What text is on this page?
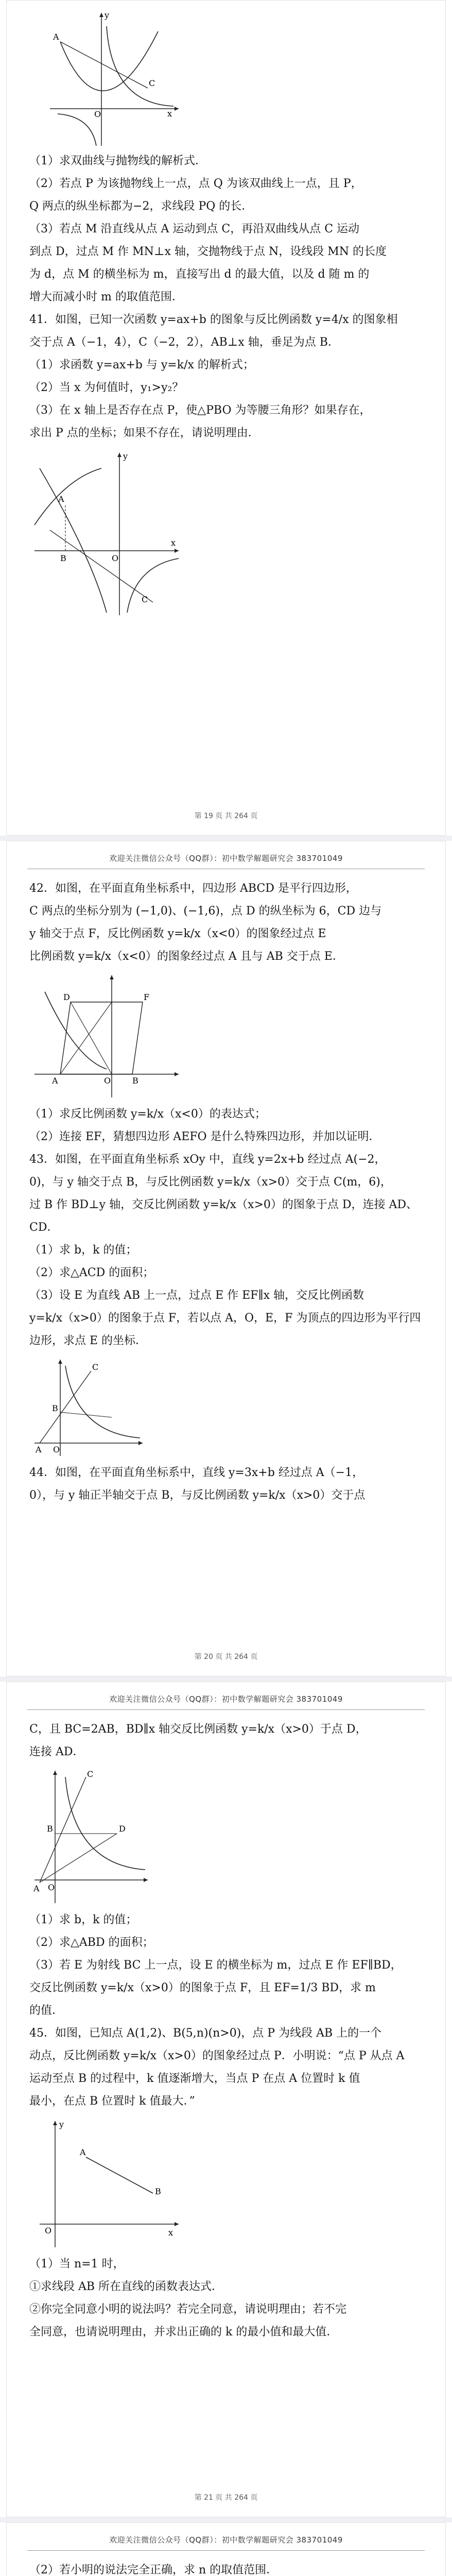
A
C
x
y
O

（1）求双曲线与抛物线的解析式．

（2）若点 P 为该抛物线上一点，点 Q 为该双曲线上一点，且 P，

Q 两点的纵坐标都为−2，求线段 PQ 的长．

（3）若点 M 沿直线从点 A 运动到点 C，再沿双曲线从点 C 运动

到点 D，过点 M 作 MN⊥x 轴，交抛物线于点 N，设线段 MN 的长度

为 d，点 M 的横坐标为 m，直接写出 d 的最大值，以及 d 随 m 的

增大而减小时 m 的取值范围．

41．如图，已知一次函数 y=ax+b 的图象与反比例函数 y=4/x 的图象相

交于点 A（−1，4），C（−2，2），AB⊥x 轴，垂足为点 B．

（1）求函数 y=ax+b 与 y=k/x 的解析式；

（2）当 x 为何值时，y₁>y₂？

（3）在 x 轴上是否存在点 P，使△PBO 为等腰三角形？如果存在，

求出 P 点的坐标；如果不存在，请说明理由．

A
B	O
x
y
C
第 19 页 共 264 页
欢迎关注微信公众号（QQ群）：初中数学解题研究会 383701049

42．如图，在平面直角坐标系中，四边形 ABCD 是平行四边形，

C 两点的坐标分别为 (−1,0)、(−1,6)，点 D 的纵坐标为 6，CD 边与

y 轴交于点 F，反比例函数 y=k/x（x<0）的图象经过点 E

比例函数 y=k/x（x<0）的图象经过点 A 且与 AB 交于点 E．

D	F
A	O	B

（1）求反比例函数 y=k/x（x<0）的表达式；

（2）连接 EF，猜想四边形 AEFO 是什么特殊四边形，并加以证明．

43．如图，在平面直角坐标系 xOy 中，直线 y=2x+b 经过点 A(−2，

0)，与 y 轴交于点 B，与反比例函数 y=k/x（x>0）交于点 C(m，6)，

过 B 作 BD⊥y 轴，交反比例函数 y=k/x（x>0）的图象于点 D，连接 AD、CD．

（1）求 b，k 的值；

（2）求△ACD 的面积；

（3）设 E 为直线 AB 上一点，过点 E 作 EF∥x 轴，交反比例函数

y=k/x（x>0）的图象于点 F，若以点 A，O，E，F 为顶点的四边形为平行四

边形，求点 E 的坐标．

A O
B
C

44．如图，在平面直角坐标系中，直线 y=3x+b 经过点 A（−1，

0），与 y 轴正半轴交于点 B，与反比例函数 y=k/x（x>0）交于点

第 20 页 共 264 页
欢迎关注微信公众号（QQ群）：初中数学解题研究会 383701049

C，且 BC=2AB，BD∥x 轴交反比例函数 y=k/x（x>0）于点 D，

连接 AD．

A O
B	D
C

（1）求 b，k 的值；

（2）求△ABD 的面积；

（3）若 E 为射线 BC 上一点，设 E 的横坐标为 m，过点 E 作 EF∥BD，

交反比例函数 y=k/x（x>0）的图象于点 F，且 EF=1/3 BD，求 m

的值．

45．如图，已知点 A(1,2)、B(5,n)(n>0)，点 P 为线段 AB 上的一个

动点，反比例函数 y=k/x（x>0）的图象经过点 P．小明说：“点 P 从点 A

运动至点 B 的过程中，k 值逐渐增大，当点 P 在点 A 位置时 k 值

最小，在点 B 位置时 k 值最大．”

A
B
O	x
y

（1）当 n=1 时，

①求线段 AB 所在直线的函数表达式．

②你完全同意小明的说法吗？若完全同意，请说明理由；若不完

全同意，也请说明理由，并求出正确的 k 的最小值和最大值．

第 21 页 共 264 页
欢迎关注微信公众号（QQ群）：初中数学解题研究会 383701049

（2）若小明的说法完全正确，求 n 的取值范围．
